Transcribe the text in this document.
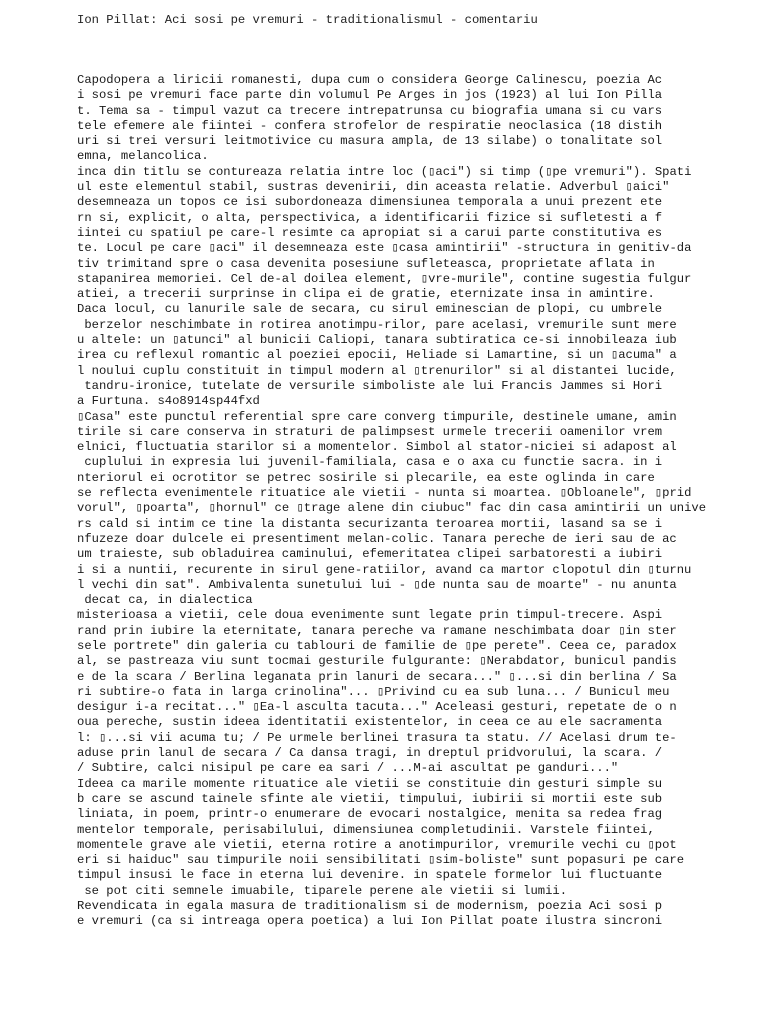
Ion Pillat: Aci sosi pe vremuri - traditionalismul - comentariu
Capodopera a liricii romanesti, dupa cum o considera George Calinescu, poezia Ac
i sosi pe vremuri face parte din volumul Pe Arges in jos (1923) al lui Ion Pilla
t. Tema sa - timpul vazut ca trecere intrepatrunsa cu biografia umana si cu vars
tele efemere ale fiintei - confera strofelor de respiratie neoclasica (18 distih
uri si trei versuri leitmotivice cu masura ampla, de 13 silabe) o tonalitate sol
emna, melancolica.
inca din titlu se contureaza relatia intre loc (▯aci") si timp (▯pe vremuri"). Spati
ul este elementul stabil, sustras devenirii, din aceasta relatie. Adverbul ▯aici"
desemneaza un topos ce isi subordoneaza dimensiunea temporala a unui prezent ete
rn si, explicit, o alta, perspectivica, a identificarii fizice si sufletesti a f
iintei cu spatiul pe care-l resimte ca apropiat si a carui parte constitutiva es
te. Locul pe care ▯aci" il desemneaza este ▯casa amintirii" -structura in genitiv-da
tiv trimitand spre o casa devenita posesiune sufleteasca, proprietate aflata in
stapanirea memoriei. Cel de-al doilea element, ▯vre-murile", contine sugestia fulgur
atiei, a trecerii surprinse in clipa ei de gratie, eternizate insa in amintire.
Daca locul, cu lanurile sale de secara, cu sirul eminescian de plopi, cu umbrele
berzelor neschimbate in rotirea anotimpu-rilor, pare acelasi, vremurile sunt mere
u altele: un ▯atunci" al bunicii Caliopi, tanara subtiratica ce-si innobileaza iub
irea cu reflexul romantic al poeziei epocii, Heliade si Lamartine, si un ▯acuma" a
l noului cuplu constituit in timpul modern al ▯trenurilor" si al distantei lucide,
tandru-ironice, tutelate de versurile simboliste ale lui Francis Jammes si Hori
a Furtuna. s4o8914sp44fxd
▯Casa" este punctul referential spre care converg timpurile, destinele umane, amin
tirile si care conserva in straturi de palimpsest urmele trecerii oamenilor vrem
elnici, fluctuatia starilor si a momentelor. Simbol al stator-niciei si adapost al
cuplului in expresia lui juvenil-familiala, casa e o axa cu functie sacra. in i
nteriorul ei ocrotitor se petrec sosirile si plecarile, ea este oglinda in care
se reflecta evenimentele rituatice ale vietii - nunta si moartea. ▯Obloanele", ▯prid
vorul", ▯poarta", ▯hornul" ce ▯trage alene din ciubuc" fac din casa amintirii un unive
rs cald si intim ce tine la distanta securizanta teroarea mortii, lasand sa se i
nfuzeze doar dulcele ei presentiment melan-colic. Tanara pereche de ieri sau de ac
um traieste, sub obladuirea caminului, efemeritatea clipei sarbatoresti a iubiri
i si a nuntii, recurente in sirul gene-ratiilor, avand ca martor clopotul din ▯turnu
l vechi din sat". Ambivalenta sunetului lui - ▯de nunta sau de moarte" - nu anunta
decat ca, in dialectica
misterioasa a vietii, cele doua evenimente sunt legate prin timpul-trecere. Aspi
rand prin iubire la eternitate, tanara pereche va ramane neschimbata doar ▯in ster
sele portrete" din galeria cu tablouri de familie de ▯pe perete". Ceea ce, paradox
al, se pastreaza viu sunt tocmai gesturile fulgurante: ▯Nerabdator, bunicul pandis
e de la scara / Berlina leganata prin lanuri de secara..." ▯...si din berlina / Sa
ri subtire-o fata in larga crinolina"... ▯Privind cu ea sub luna... / Bunicul meu
desigur i-a recitat..." ▯Ea-l asculta tacuta..." Aceleasi gesturi, repetate de o n
oua pereche, sustin ideea identitatii existentelor, in ceea ce au ele sacramenta
l: ▯...si vii acuma tu; / Pe urmele berlinei trasura ta statu. // Acelasi drum te-
aduse prin lanul de secara / Ca dansa tragi, in dreptul pridvorului, la scara. /
/ Subtire, calci nisipul pe care ea sari / ...M-ai ascultat pe ganduri..."
Ideea ca marile momente rituatice ale vietii se constituie din gesturi simple su
b care se ascund tainele sfinte ale vietii, timpului, iubirii si mortii este sub
liniata, in poem, printr-o enumerare de evocari nostalgice, menita sa redea frag
mentelor temporale, perisabilului, dimensiunea completudinii. Varstele fiintei,
momentele grave ale vietii, eterna rotire a anotimpurilor, vremurile vechi cu ▯pot
eri si haiduc" sau timpurile noii sensibilitati ▯sim-boliste" sunt popasuri pe care
timpul insusi le face in eterna lui devenire. in spatele formelor lui fluctuante
se pot citi semnele imuabile, tiparele perene ale vietii si lumii.
Revendicata in egala masura de traditionalism si de modernism, poezia Aci sosi p
e vremuri (ca si intreaga opera poetica) a lui Ion Pillat poate ilustra sincroni
